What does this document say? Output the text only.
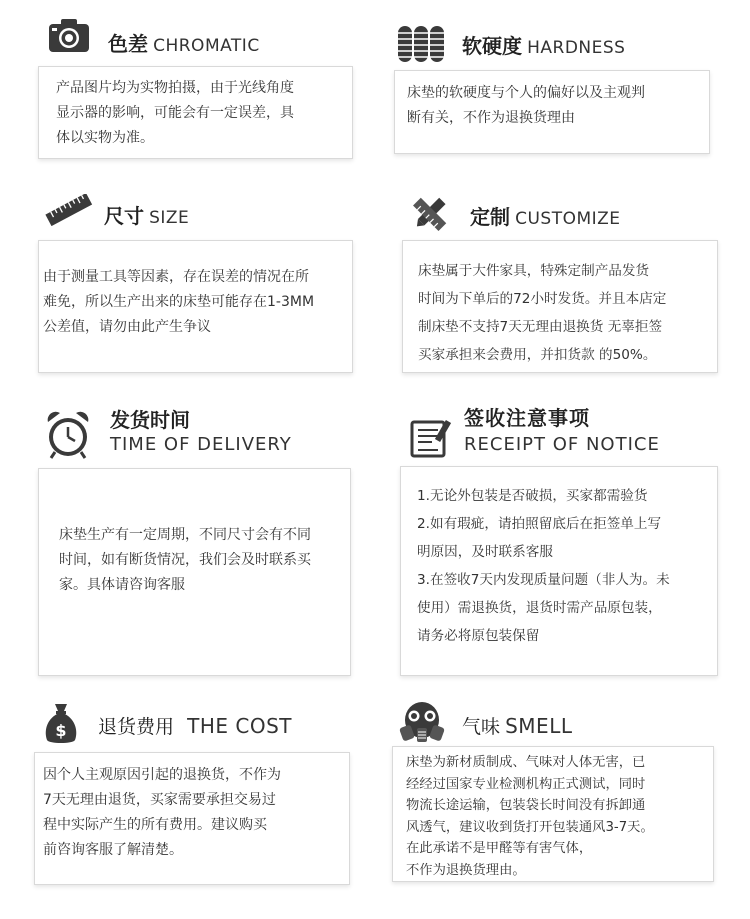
色差 CHROMATIC

产品图片均为实物拍摄，由于光线角度

显示器的影响，可能会有一定误差，具

体以实物为准。

软硬度 HARDNESS

床垫的软硬度与个人的偏好以及主观判

断有关，不作为退换货理由

尺寸 SIZE

由于测量工具等因素，存在误差的情况在所

难免，所以生产出来的床垫可能存在1-3MM

公差值，请勿由此产生争议

定制 CUSTOMIZE

床垫属于大件家具，特殊定制产品发货

时间为下单后的72小时发货。并且本店定

制床垫不支持7天无理由退换货 无辜拒签

买家承担来会费用，并扣货款 的50%。

发货时间
TIME OF DELIVERY

床垫生产有一定周期，不同尺寸会有不同

时间，如有断货情况，我们会及时联系买

家。具体请咨询客服

签收注意事项
RECEIPT OF NOTICE

1.无论外包装是否破损，买家都需验货

2.如有瑕疵，请拍照留底后在拒签单上写

明原因，及时联系客服

3.在签收7天内发现质量问题（非人为。未

使用）需退换货，退货时需产品原包装，

请务必将原包装保留

$ 退货费用 THE COST

因个人主观原因引起的退换货，不作为

7天无理由退货，买家需要承担交易过

程中实际产生的所有费用。建议购买

前咨询客服了解清楚。

气味 SMELL

床垫为新材质制成、气味对人体无害，已

经经过国家专业检测机构正式测试，同时

物流长途运输，包装袋长时间没有拆卸通

风透气，建议收到货打开包装通风3-7天。

在此承诺不是甲醛等有害气体，

不作为退换货理由。
